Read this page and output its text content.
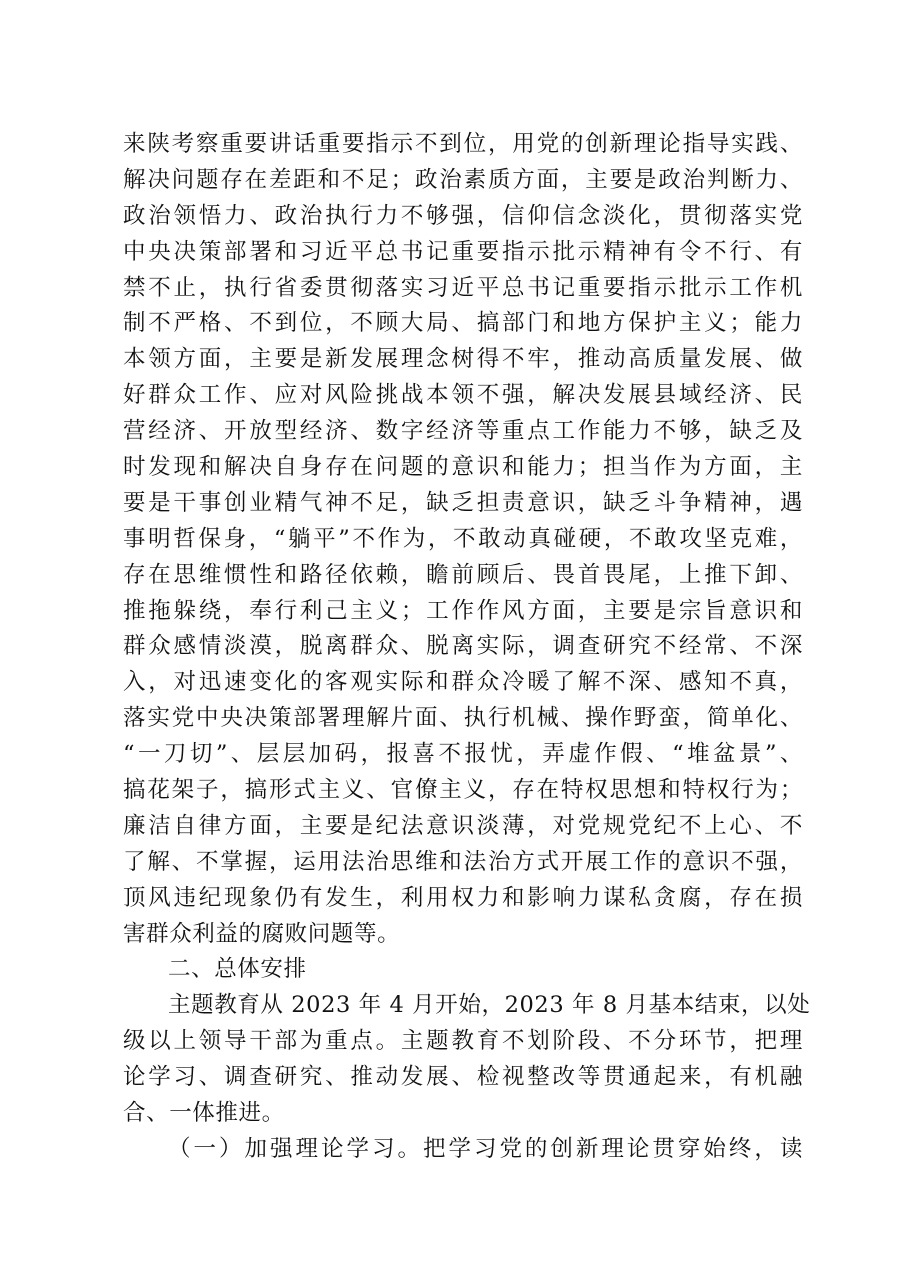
来陕考察重要讲话重要指示不到位，用党的创新理论指导实践、
解决问题存在差距和不足；政治素质方面，主要是政治判断力、
政治领悟力、政治执行力不够强，信仰信念淡化，贯彻落实党
中央决策部署和习近平总书记重要指示批示精神有令不行、有
禁不止，执行省委贯彻落实习近平总书记重要指示批示工作机
制不严格、不到位，不顾大局、搞部门和地方保护主义；能力
本领方面，主要是新发展理念树得不牢，推动高质量发展、做
好群众工作、应对风险挑战本领不强，解决发展县域经济、民
营经济、开放型经济、数字经济等重点工作能力不够，缺乏及
时发现和解决自身存在问题的意识和能力；担当作为方面，主
要是干事创业精气神不足，缺乏担责意识，缺乏斗争精神，遇
事明哲保身，“躺平”不作为，不敢动真碰硬，不敢攻坚克难，
存在思维惯性和路径依赖，瞻前顾后、畏首畏尾，上推下卸、
推拖躲绕，奉行利己主义；工作作风方面，主要是宗旨意识和
群众感情淡漠，脱离群众、脱离实际，调查研究不经常、不深
入，对迅速变化的客观实际和群众冷暖了解不深、感知不真，
落实党中央决策部署理解片面、执行机械、操作野蛮，简单化、
“一刀切”、层层加码，报喜不报忧，弄虚作假、“堆盆景”、
搞花架子，搞形式主义、官僚主义，存在特权思想和特权行为；
廉洁自律方面，主要是纪法意识淡薄，对党规党纪不上心、不
了解、不掌握，运用法治思维和法治方式开展工作的意识不强，
顶风违纪现象仍有发生，利用权力和影响力谋私贪腐，存在损
害群众利益的腐败问题等。
二、总体安排
主题教育从 2023 年 4 月开始，2023 年 8 月基本结束，以处
级以上领导干部为重点。主题教育不划阶段、不分环节，把理
论学习、调查研究、推动发展、检视整改等贯通起来，有机融
合、一体推进。
（一）加强理论学习。把学习党的创新理论贯穿始终，读
